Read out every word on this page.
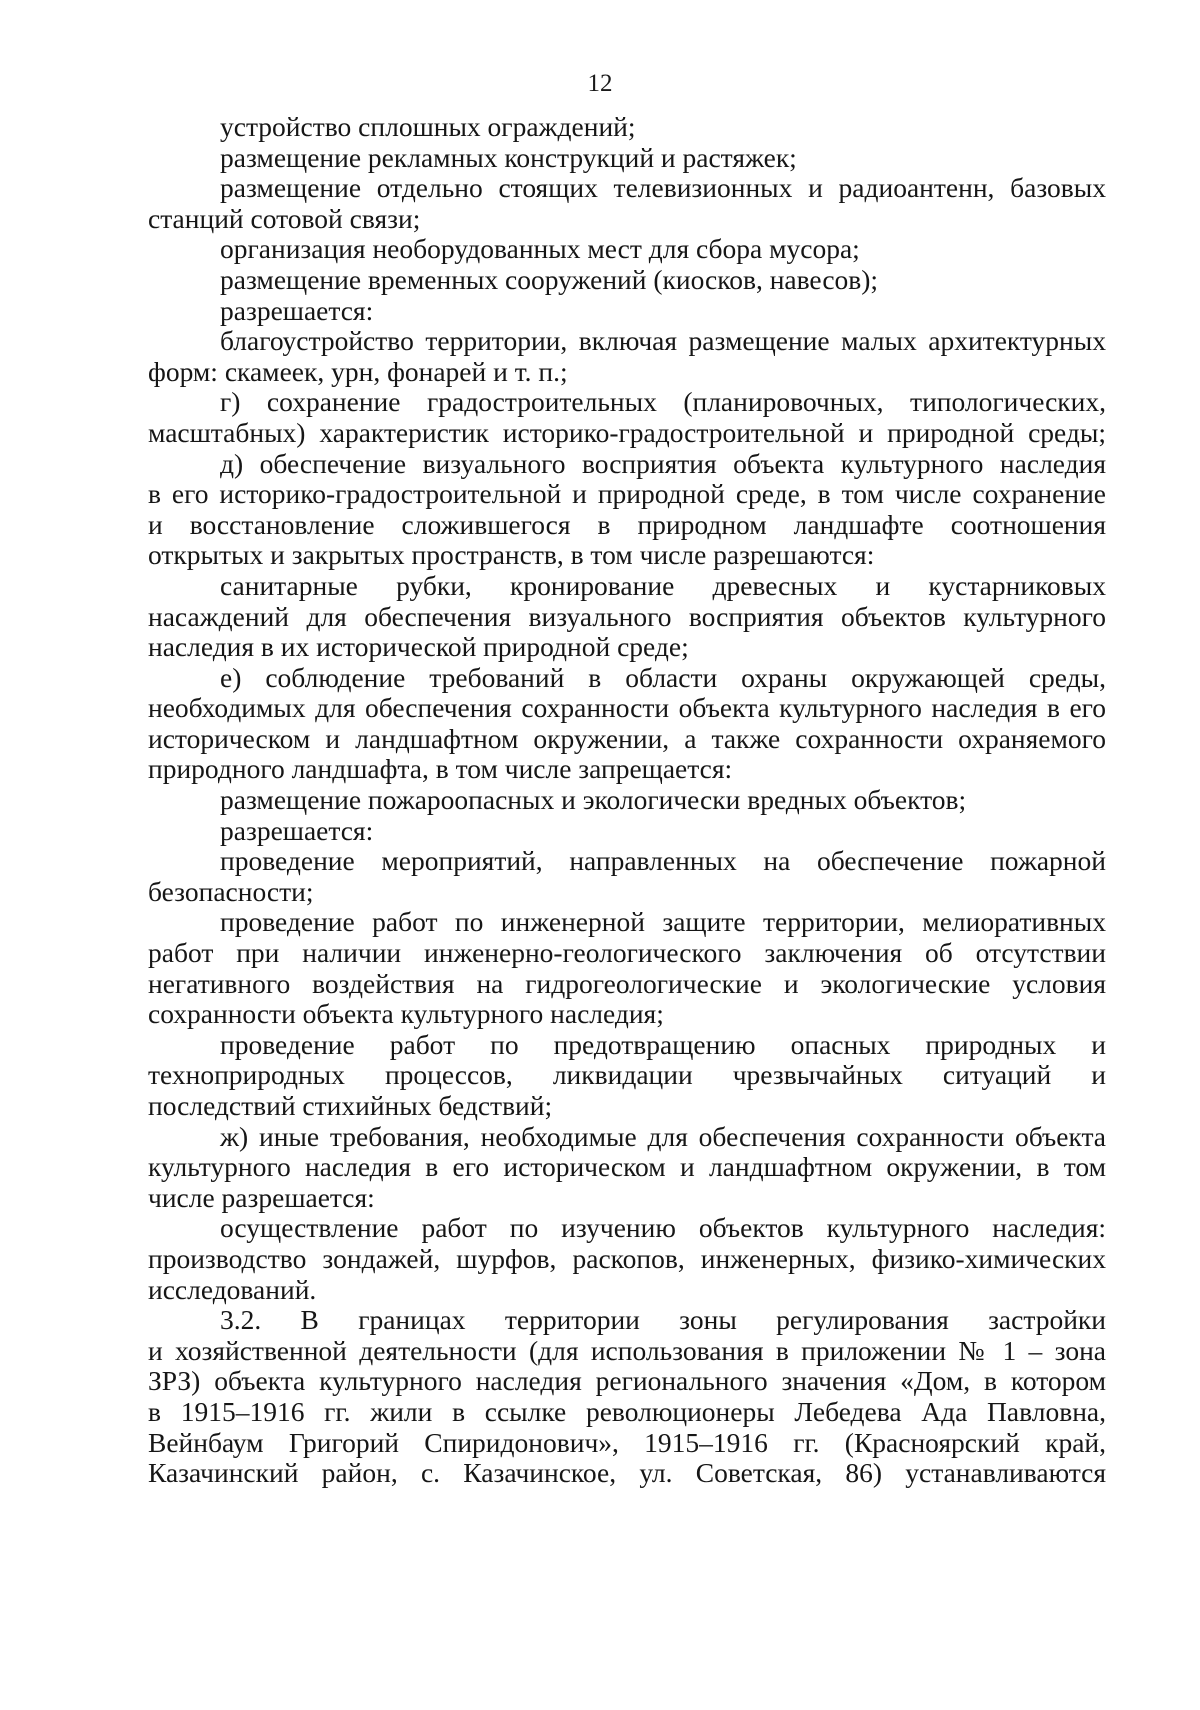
12
устройство сплошных ограждений;
размещение рекламных конструкций и растяжек;
размещение отдельно стоящих телевизионных и радиоантенн, базовых
станций сотовой связи;
организация необорудованных мест для сбора мусора;
размещение временных сооружений (киосков, навесов);
разрешается:
благоустройство территории, включая размещение малых архитектурных
форм: скамеек, урн, фонарей и т. п.;
г) сохранение градостроительных (планировочных, типологических,
масштабных) характеристик историко-градостроительной и природной среды;
д) обеспечение визуального восприятия объекта культурного наследия
в его историко-градостроительной и природной среде, в том числе сохранение
и восстановление сложившегося в природном ландшафте соотношения
открытых и закрытых пространств, в том числе разрешаются:
санитарные рубки, кронирование древесных и кустарниковых
насаждений для обеспечения визуального восприятия объектов культурного
наследия в их исторической природной среде;
е) соблюдение требований в области охраны окружающей среды,
необходимых для обеспечения сохранности объекта культурного наследия в его
историческом и ландшафтном окружении, а также сохранности охраняемого
природного ландшафта, в том числе запрещается:
размещение пожароопасных и экологически вредных объектов;
разрешается:
проведение мероприятий, направленных на обеспечение пожарной
безопасности;
проведение работ по инженерной защите территории, мелиоративных
работ при наличии инженерно-геологического заключения об отсутствии
негативного воздействия на гидрогеологические и экологические условия
сохранности объекта культурного наследия;
проведение работ по предотвращению опасных природных и
техноприродных процессов, ликвидации чрезвычайных ситуаций и
последствий стихийных бедствий;
ж) иные требования, необходимые для обеспечения сохранности объекта
культурного наследия в его историческом и ландшафтном окружении, в том
числе разрешается:
осуществление работ по изучению объектов культурного наследия:
производство зондажей, шурфов, раскопов, инженерных, физико-химических
исследований.
3.2. В границах территории зоны регулирования застройки
и хозяйственной деятельности (для использования в приложении № 1 – зона
ЗРЗ) объекта культурного наследия регионального значения «Дом, в котором
в 1915–1916 гг. жили в ссылке революционеры Лебедева Ада Павловна,
Вейнбаум Григорий Спиридонович», 1915–1916 гг. (Красноярский край,
Казачинский район, с. Казачинское, ул. Советская, 86) устанавливаются
